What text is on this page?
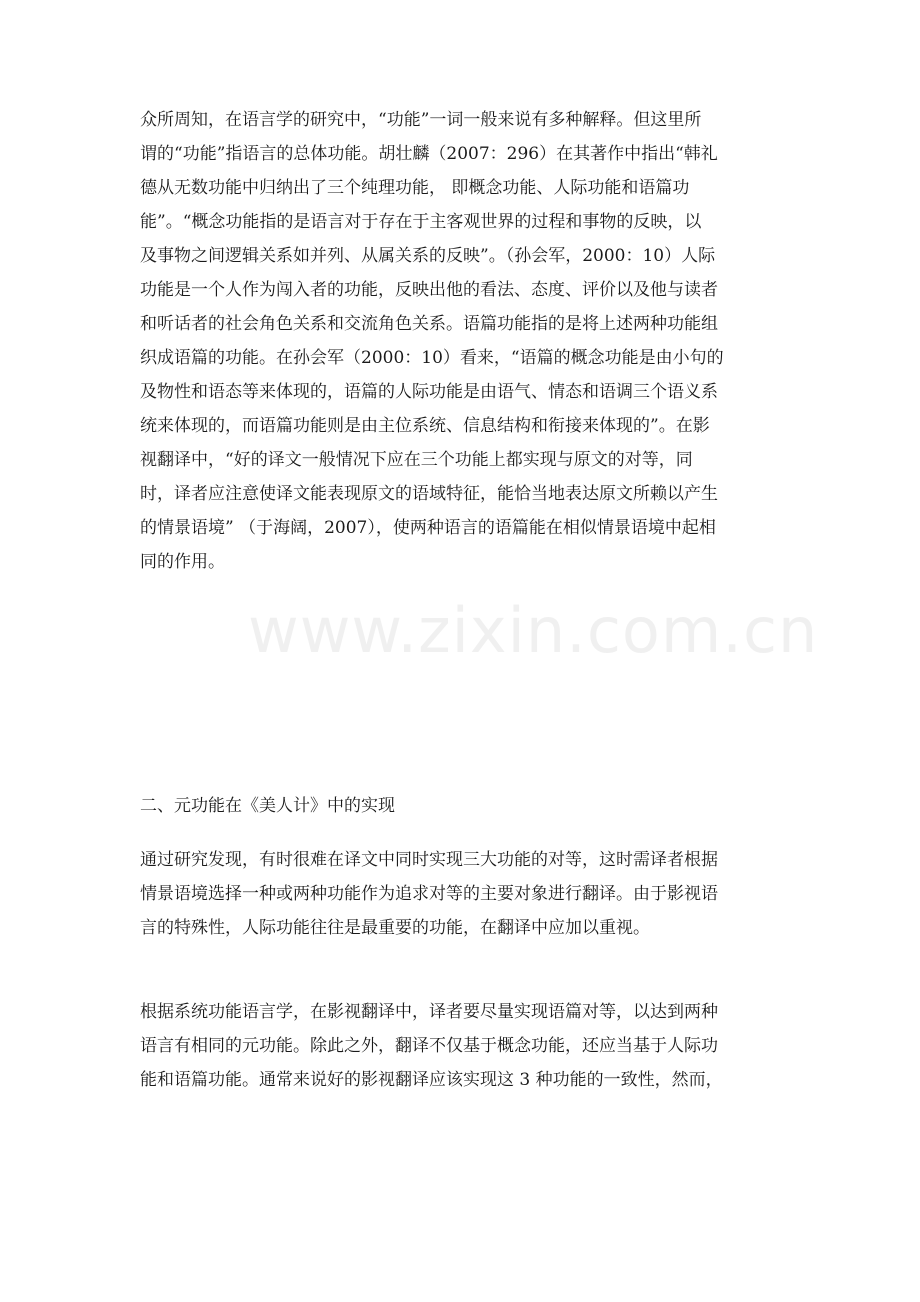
www.zixin.com.cn
众所周知，在语言学的研究中，“功能”一词一般来说有多种解释。但这里所
谓的“功能”指语言的总体功能。胡壮麟（2007：296）在其著作中指出“韩礼
德从无数功能中归纳出了三个纯理功能， 即概念功能、人际功能和语篇功
能”。“概念功能指的是语言对于存在于主客观世界的过程和事物的反映，以
及事物之间逻辑关系如并列、从属关系的反映”。（孙会军，2000：10）人际
功能是一个人作为闯入者的功能，反映出他的看法、态度、评价以及他与读者
和听话者的社会角色关系和交流角色关系。语篇功能指的是将上述两种功能组
织成语篇的功能。在孙会军（2000：10）看来，“语篇的概念功能是由小句的
及物性和语态等来体现的，语篇的人际功能是由语气、情态和语调三个语义系
统来体现的，而语篇功能则是由主位系统、信息结构和衔接来体现的”。在影
视翻译中，“好的译文一般情况下应在三个功能上都实现与原文的对等，同
时，译者应注意使译文能表现原文的语域特征，能恰当地表达原文所赖以产生
的情景语境” （于海阔，2007），使两种语言的语篇能在相似情景语境中起相
同的作用。
二、元功能在《美人计》中的实现
通过研究发现，有时很难在译文中同时实现三大功能的对等，这时需译者根据
情景语境选择一种或两种功能作为追求对等的主要对象进行翻译。由于影视语
言的特殊性，人际功能往往是最重要的功能，在翻译中应加以重视。
根据系统功能语言学，在影视翻译中，译者要尽量实现语篇对等，以达到两种
语言有相同的元功能。除此之外，翻译不仅基于概念功能，还应当基于人际功
能和语篇功能。通常来说好的影视翻译应该实现这 3 种功能的一致性，然而，
